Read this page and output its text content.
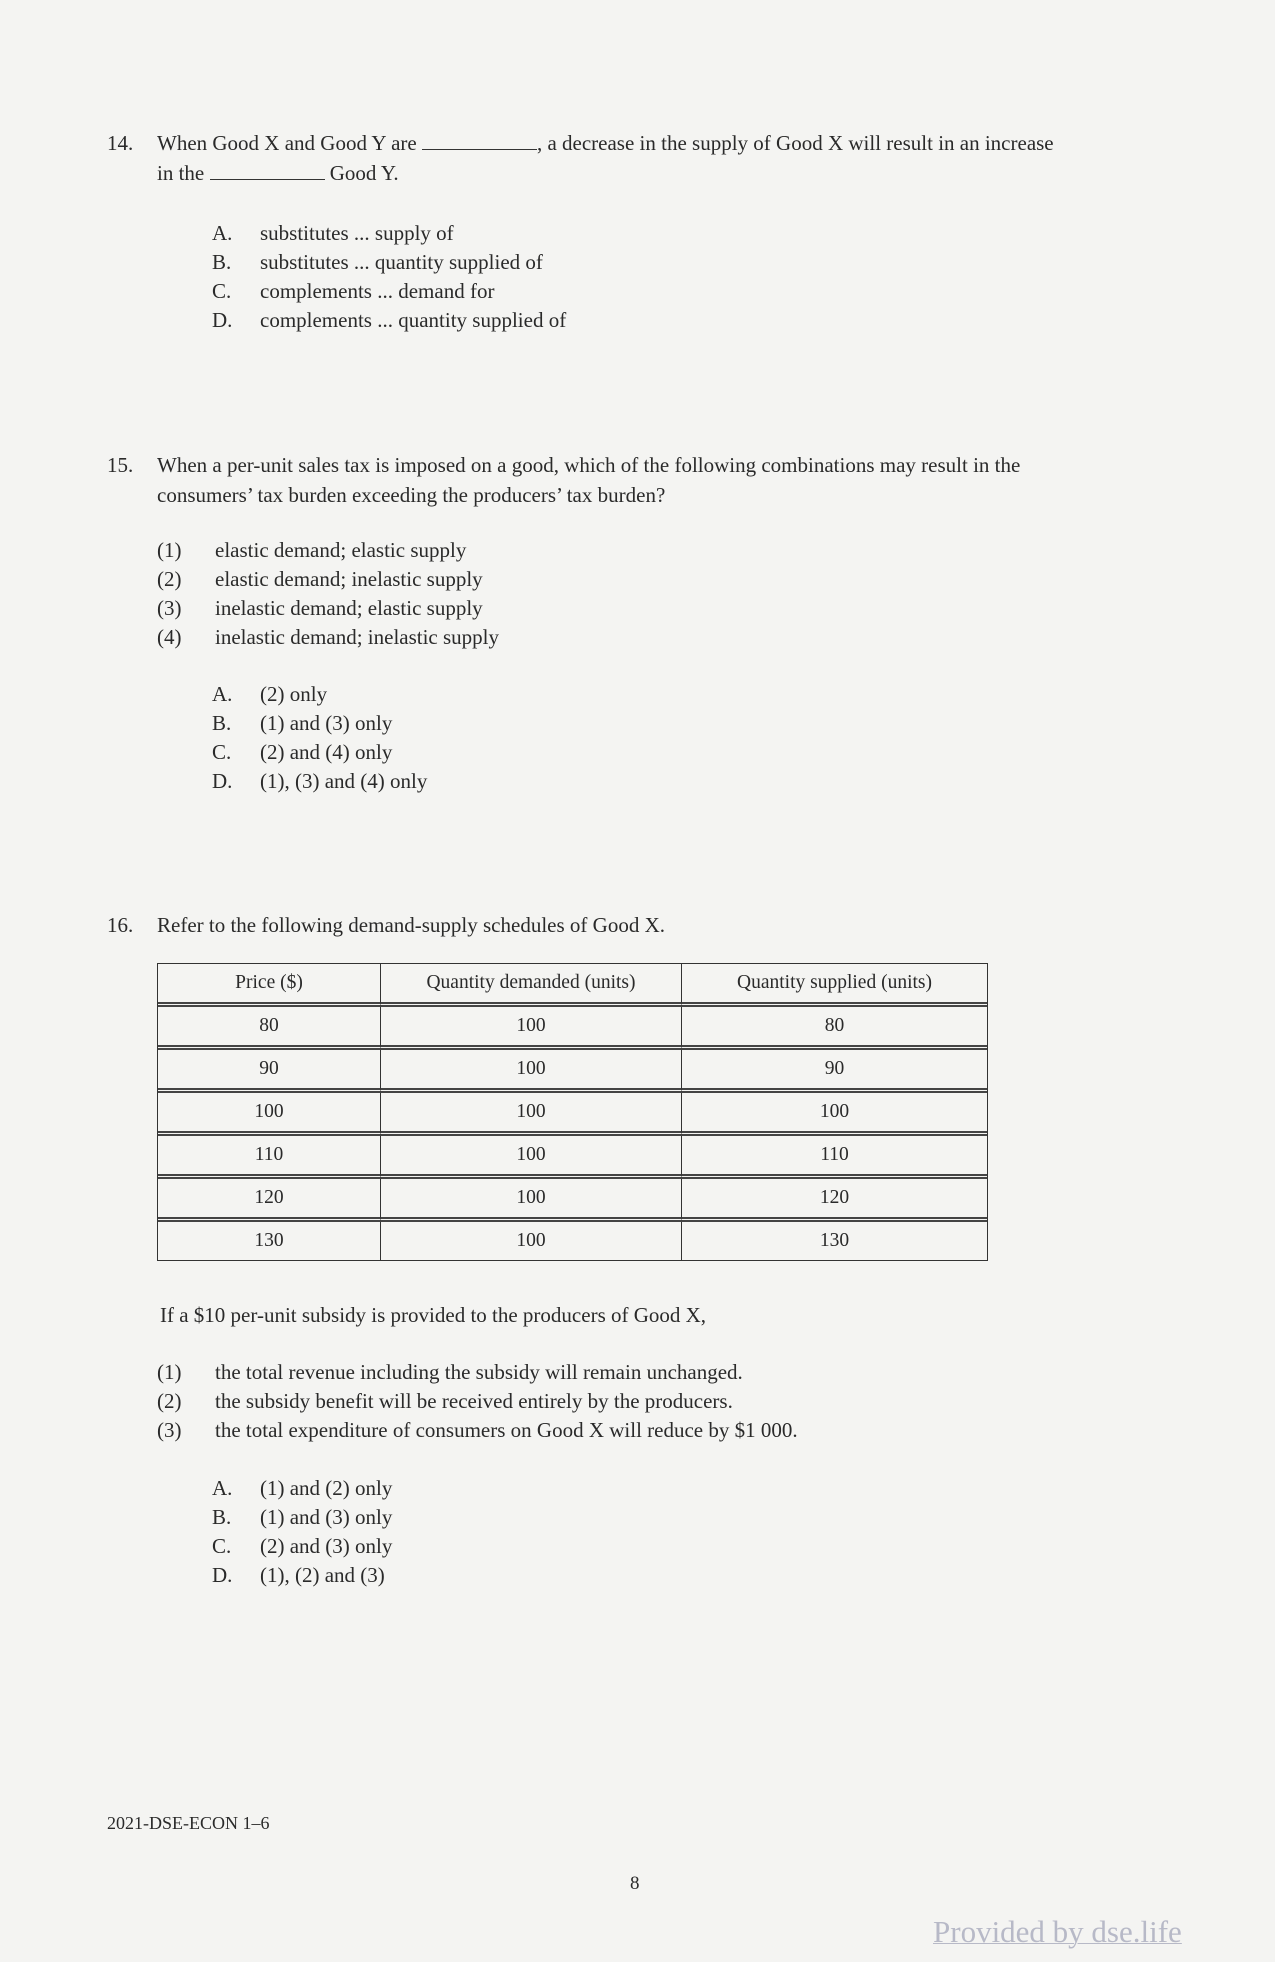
14. When Good X and Good Y are	, a decrease in the supply of Good X will result in an increase
in the	Good Y.
A. substitutes ... supply of
B. substitutes ... quantity supplied of
C. complements ... demand for
D. complements ... quantity supplied of
15. When a per-unit sales tax is imposed on a good, which of the following combinations may result in the
consumers’ tax burden exceeding the producers’ tax burden?
(1) elastic demand; elastic supply
(2) elastic demand; inelastic supply
(3) inelastic demand; elastic supply
(4) inelastic demand; inelastic supply
A. (2) only
B. (1) and (3) only
C. (2) and (4) only
D. (1), (3) and (4) only
16. Refer to the following demand-supply schedules of Good X.
Price ($)	Quantity demanded (units)	Quantity supplied (units)
80	100	80
90	100	90
100	100	100
110	100	110
120	100	120
130	100	130
If a $10 per-unit subsidy is provided to the producers of Good X,
(1) the total revenue including the subsidy will remain unchanged.
(2) the subsidy benefit will be received entirely by the producers.
(3) the total expenditure of consumers on Good X will reduce by $1 000.
A. (1) and (2) only
B. (1) and (3) only
C. (2) and (3) only
D. (1), (2) and (3)
2021-DSE-ECON 1–6
8
Provided by dse.life
